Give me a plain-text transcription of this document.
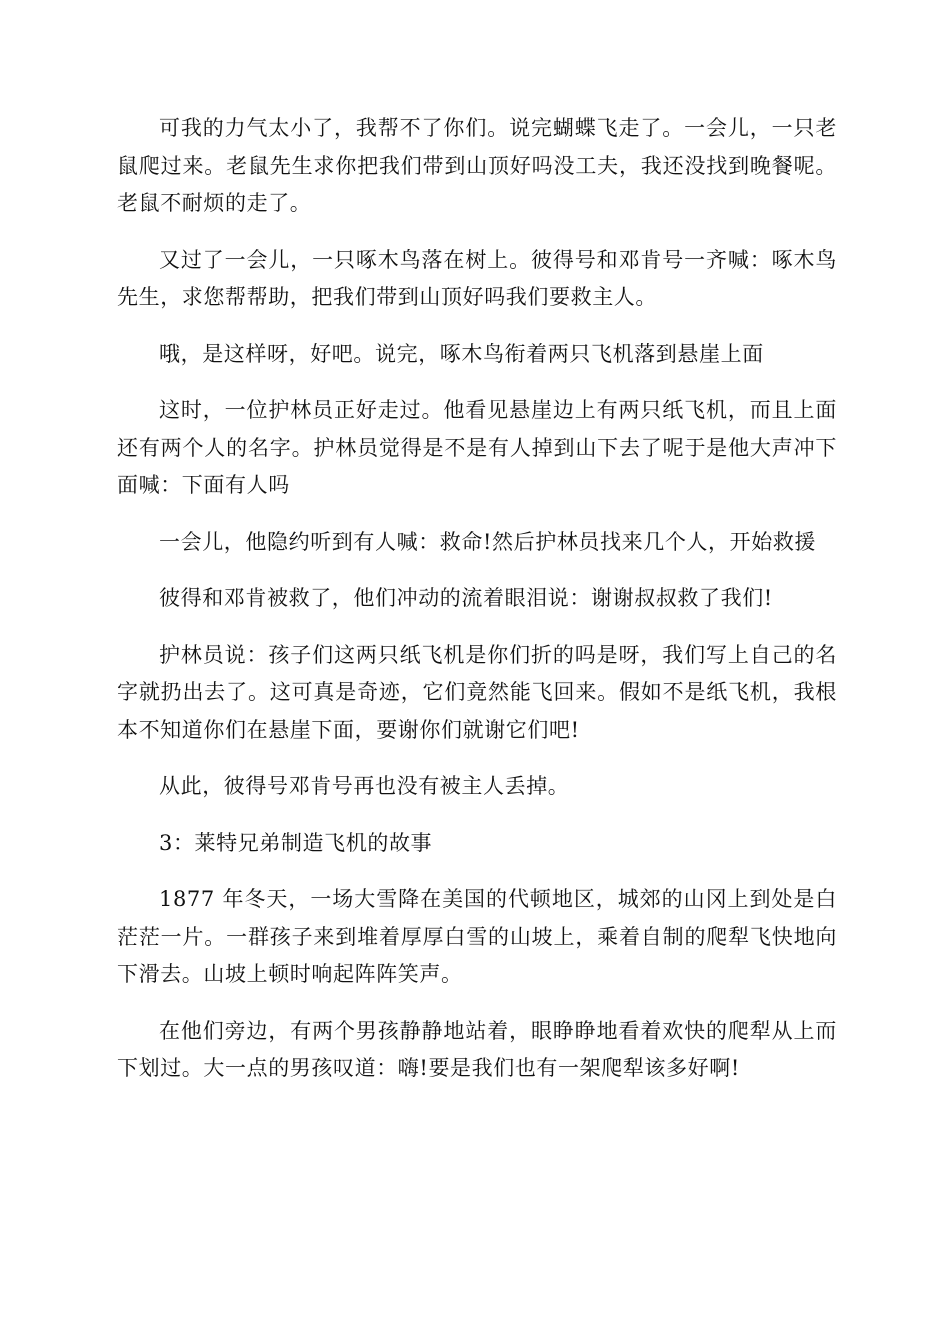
可我的力气太小了，我帮不了你们。说完蝴蝶飞走了。一会儿，一只老鼠爬过来。老鼠先生求你把我们带到山顶好吗没工夫，我还没找到晚餐呢。老鼠不耐烦的走了。

又过了一会儿，一只啄木鸟落在树上。彼得号和邓肯号一齐喊：啄木鸟先生，求您帮帮助，把我们带到山顶好吗我们要救主人。

哦，是这样呀，好吧。说完，啄木鸟衔着两只飞机落到悬崖上面

这时，一位护林员正好走过。他看见悬崖边上有两只纸飞机，而且上面还有两个人的名字。护林员觉得是不是有人掉到山下去了呢于是他大声冲下面喊：下面有人吗

一会儿，他隐约听到有人喊：救命!然后护林员找来几个人，开始救援

彼得和邓肯被救了，他们冲动的流着眼泪说：谢谢叔叔救了我们!

护林员说：孩子们这两只纸飞机是你们折的吗是呀，我们写上自己的名字就扔出去了。这可真是奇迹，它们竟然能飞回来。假如不是纸飞机，我根本不知道你们在悬崖下面，要谢你们就谢它们吧!

从此，彼得号邓肯号再也没有被主人丢掉。

3：莱特兄弟制造飞机的故事

1877 年冬天，一场大雪降在美国的代顿地区，城郊的山冈上到处是白茫茫一片。一群孩子来到堆着厚厚白雪的山坡上，乘着自制的爬犁飞快地向下滑去。山坡上顿时响起阵阵笑声。

在他们旁边，有两个男孩静静地站着，眼睁睁地看着欢快的爬犁从上而下划过。大一点的男孩叹道：嗨!要是我们也有一架爬犁该多好啊!
